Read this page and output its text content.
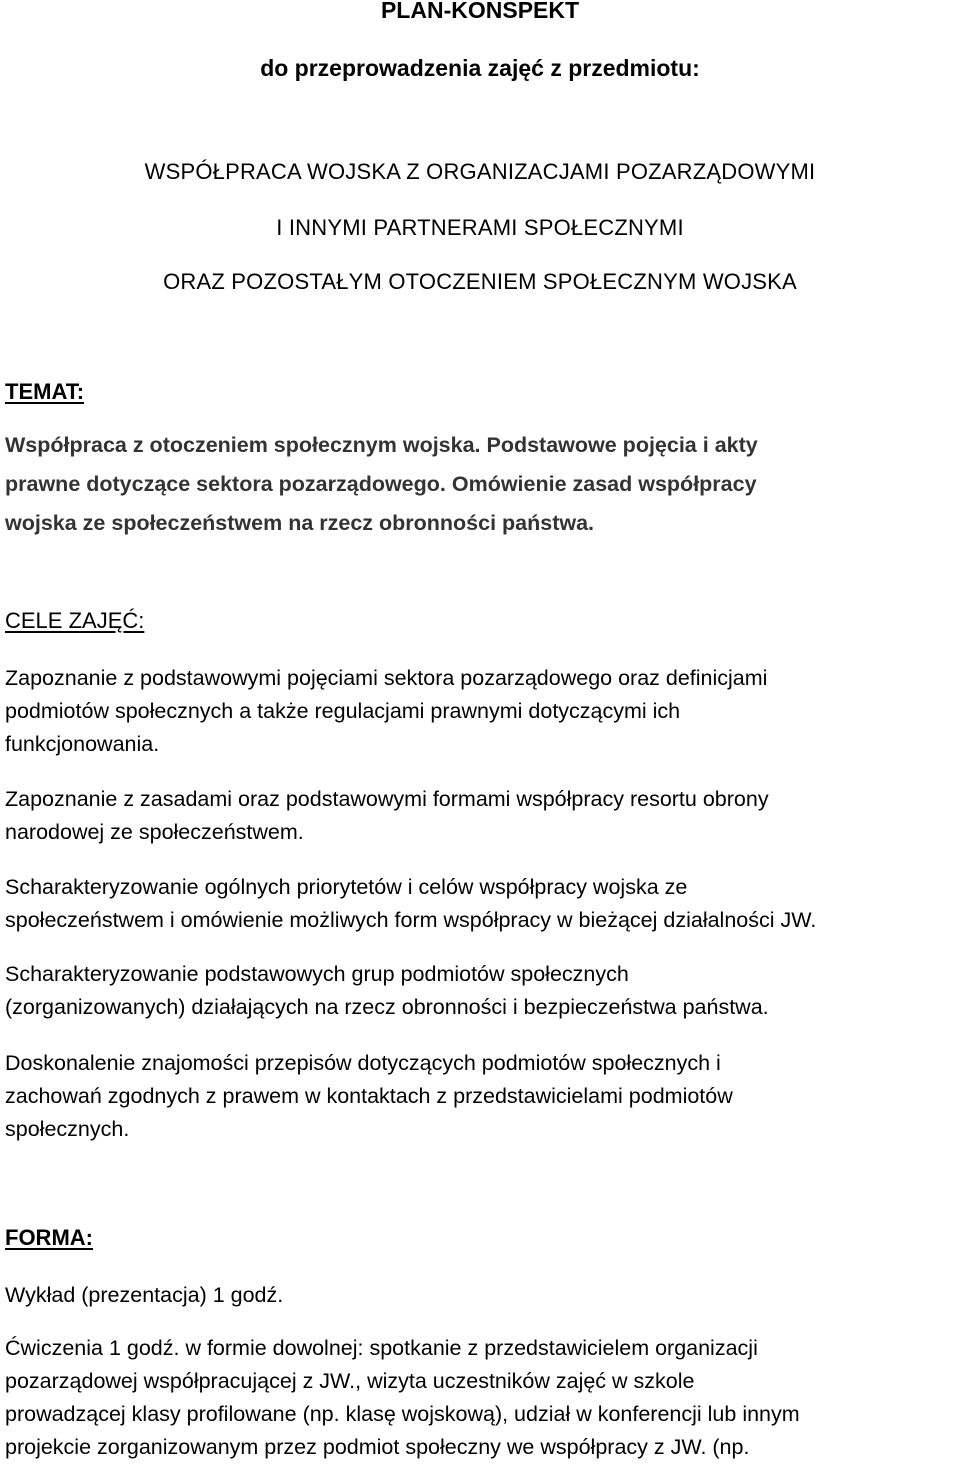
PLAN-KONSPEKT
do przeprowadzenia zajęć z przedmiotu:
WSPÓŁPRACA WOJSKA Z ORGANIZACJAMI POZARZĄDOWYMI
I INNYMI PARTNERAMI SPOŁECZNYMI
ORAZ POZOSTAŁYM OTOCZENIEM SPOŁECZNYM WOJSKA
TEMAT:
Współpraca z otoczeniem społecznym wojska. Podstawowe pojęcia i akty
prawne dotyczące sektora pozarządowego. Omówienie zasad współpracy
wojska ze społeczeństwem na rzecz obronności państwa.
CELE ZAJĘĆ:
Zapoznanie z podstawowymi pojęciami sektora pozarządowego oraz definicjami
podmiotów społecznych a także regulacjami prawnymi dotyczącymi ich
funkcjonowania.
Zapoznanie z zasadami oraz podstawowymi formami współpracy resortu obrony
narodowej ze społeczeństwem.
Scharakteryzowanie ogólnych priorytetów i celów współpracy wojska ze
społeczeństwem i omówienie możliwych form współpracy w bieżącej działalności JW.
Scharakteryzowanie podstawowych grup podmiotów społecznych
(zorganizowanych) działających na rzecz obronności i bezpieczeństwa państwa.
Doskonalenie znajomości przepisów dotyczących podmiotów społecznych i
zachowań zgodnych z prawem w kontaktach z przedstawicielami podmiotów
społecznych.
FORMA:
Wykład (prezentacja) 1 godź.
Ćwiczenia 1 godź. w formie dowolnej: spotkanie z przedstawicielem organizacji
pozarządowej współpracującej z JW., wizyta uczestników zajęć w szkole
prowadzącej klasy profilowane (np. klasę wojskową), udział w konferencji lub innym
projekcie zorganizowanym przez podmiot społeczny we współpracy z JW. (np.
